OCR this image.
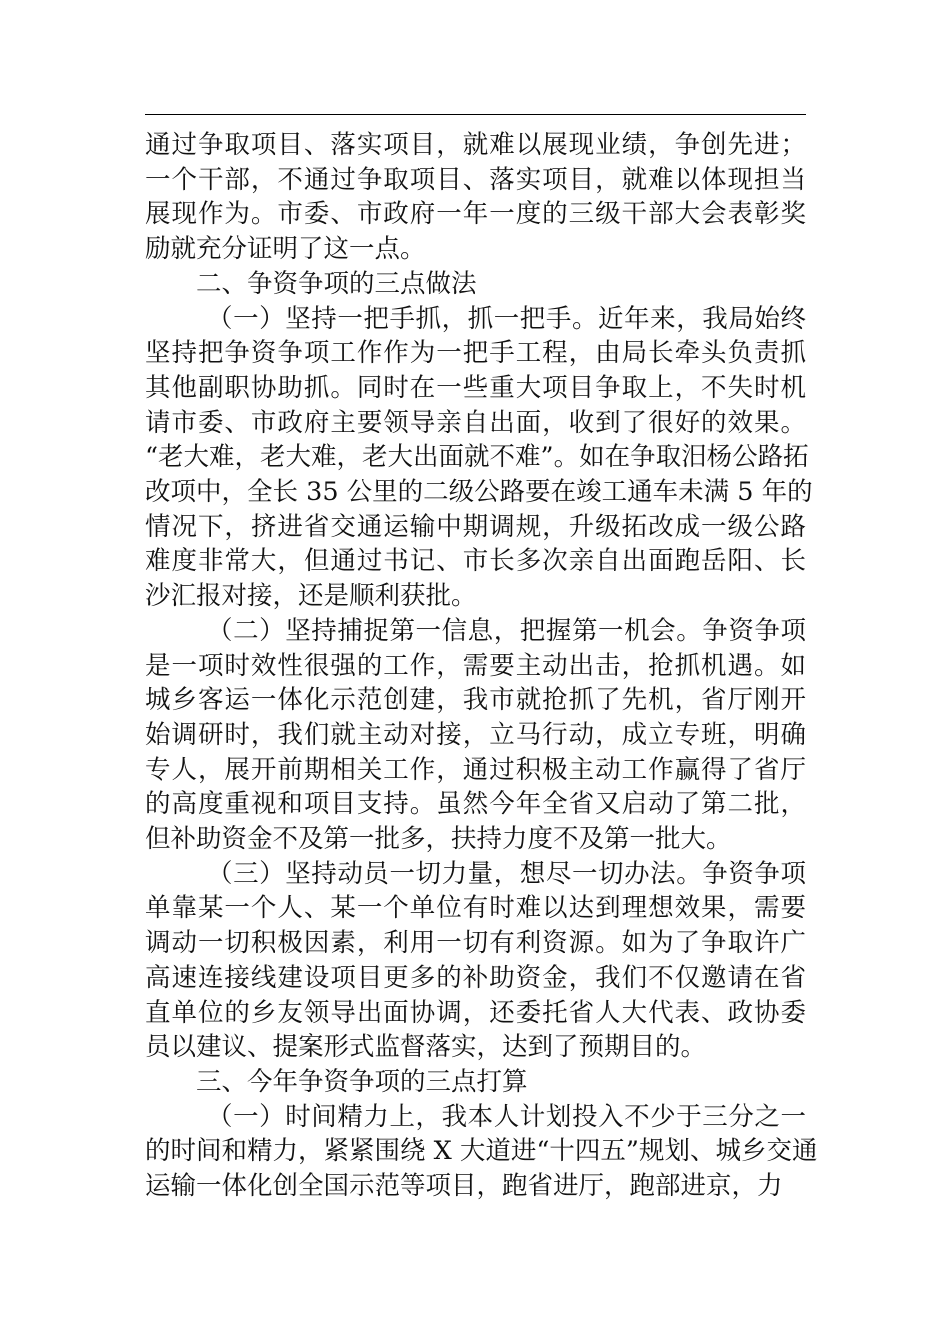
通过争取项目、落实项目，就难以展现业绩，争创先进；
一个干部，不通过争取项目、落实项目，就难以体现担当
展现作为。市委、市政府一年一度的三级干部大会表彰奖
励就充分证明了这一点。

二、争资争项的三点做法

（一）坚持一把手抓，抓一把手。近年来，我局始终
坚持把争资争项工作作为一把手工程，由局长牵头负责抓
其他副职协助抓。同时在一些重大项目争取上，不失时机
请市委、市政府主要领导亲自出面，收到了很好的效果。
“老大难，老大难，老大出面就不难”。如在争取汨杨公路拓
改项中，全长 35 公里的二级公路要在竣工通车未满 5 年的
情况下，挤进省交通运输中期调规，升级拓改成一级公路
难度非常大，但通过书记、市长多次亲自出面跑岳阳、长
沙汇报对接，还是顺利获批。

（二）坚持捕捉第一信息，把握第一机会。争资争项
是一项时效性很强的工作，需要主动出击，抢抓机遇。如
城乡客运一体化示范创建，我市就抢抓了先机，省厅刚开
始调研时，我们就主动对接，立马行动，成立专班，明确
专人，展开前期相关工作，通过积极主动工作赢得了省厅
的高度重视和项目支持。虽然今年全省又启动了第二批，
但补助资金不及第一批多，扶持力度不及第一批大。

（三）坚持动员一切力量，想尽一切办法。争资争项
单靠某一个人、某一个单位有时难以达到理想效果，需要
调动一切积极因素，利用一切有利资源。如为了争取许广
高速连接线建设项目更多的补助资金，我们不仅邀请在省
直单位的乡友领导出面协调，还委托省人大代表、政协委
员以建议、提案形式监督落实，达到了预期目的。

三、今年争资争项的三点打算

（一）时间精力上，我本人计划投入不少于三分之一
的时间和精力，紧紧围绕 X 大道进“十四五”规划、城乡交通
运输一体化创全国示范等项目，跑省进厅，跑部进京，力
